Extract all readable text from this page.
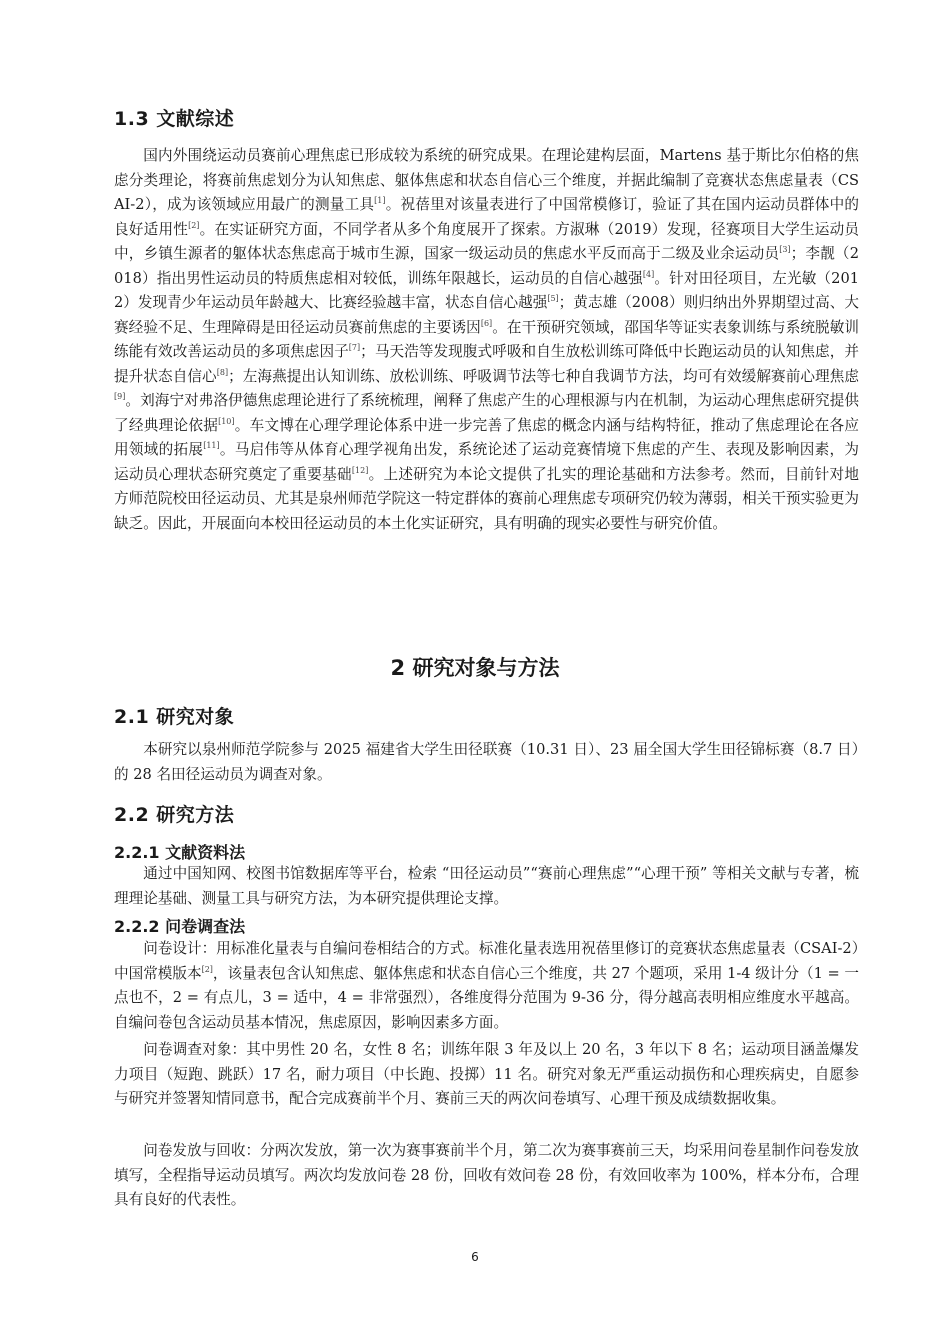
1.3 文献综述

国内外围绕运动员赛前心理焦虑已形成较为系统的研究成果。在理论建构层面，Martens 基于斯比尔伯格的焦虑分类理论，将赛前焦虑划分为认知焦虑、躯体焦虑和状态自信心三个维度，并据此编制了竞赛状态焦虑量表（CSAI-2），成为该领域应用最广的测量工具[1]。祝蓓里对该量表进行了中国常模修订，验证了其在国内运动员群体中的良好适用性[2]。在实证研究方面，不同学者从多个角度展开了探索。方淑琳（2019）发现，径赛项目大学生运动员中，乡镇生源者的躯体状态焦虑高于城市生源，国家一级运动员的焦虑水平反而高于二级及业余运动员[3]；李靓（2018）指出男性运动员的特质焦虑相对较低，训练年限越长，运动员的自信心越强[4]。针对田径项目，左光敏（2012）发现青少年运动员年龄越大、比赛经验越丰富，状态自信心越强[5]；黄志雄（2008）则归纳出外界期望过高、大赛经验不足、生理障碍是田径运动员赛前焦虑的主要诱因[6]。在干预研究领域，邵国华等证实表象训练与系统脱敏训练能有效改善运动员的多项焦虑因子[7]；马天浩等发现腹式呼吸和自生放松训练可降低中长跑运动员的认知焦虑，并提升状态自信心[8]；左海燕提出认知训练、放松训练、呼吸调节法等七种自我调节方法，均可有效缓解赛前心理焦虑[9]。刘海宁对弗洛伊德焦虑理论进行了系统梳理，阐释了焦虑产生的心理根源与内在机制，为运动心理焦虑研究提供了经典理论依据[10]。车文博在心理学理论体系中进一步完善了焦虑的概念内涵与结构特征，推动了焦虑理论在各应用领域的拓展[11]。马启伟等从体育心理学视角出发，系统论述了运动竞赛情境下焦虑的产生、表现及影响因素，为运动员心理状态研究奠定了重要基础[12]。上述研究为本论文提供了扎实的理论基础和方法参考。然而，目前针对地方师范院校田径运动员、尤其是泉州师范学院这一特定群体的赛前心理焦虑专项研究仍较为薄弱，相关干预实验更为缺乏。因此，开展面向本校田径运动员的本土化实证研究，具有明确的现实必要性与研究价值。

2 研究对象与方法
2.1 研究对象

本研究以泉州师范学院参与 2025 福建省大学生田径联赛（10.31 日）、23 届全国大学生田径锦标赛（8.7 日）的 28 名田径运动员为调查对象。

2.2 研究方法
2.2.1 文献资料法

通过中国知网、校图书馆数据库等平台，检索 “田径运动员”“赛前心理焦虑”“心理干预” 等相关文献与专著，梳理理论基础、测量工具与研究方法，为本研究提供理论支撑。

2.2.2 问卷调查法

问卷设计：用标准化量表与自编问卷相结合的方式。标准化量表选用祝蓓里修订的竞赛状态焦虑量表（CSAI-2）中国常模版本[2]，该量表包含认知焦虑、躯体焦虑和状态自信心三个维度，共 27 个题项，采用 1-4 级计分（1 = 一点也不，2 = 有点儿，3 = 适中，4 = 非常强烈），各维度得分范围为 9-36 分，得分越高表明相应维度水平越高。自编问卷包含运动员基本情况，焦虑原因，影响因素多方面。

问卷调查对象：其中男性 20 名，女性 8 名；训练年限 3 年及以上 20 名，3 年以下 8 名；运动项目涵盖爆发力项目（短跑、跳跃）17 名，耐力项目（中长跑、投掷）11 名。研究对象无严重运动损伤和心理疾病史，自愿参与研究并签署知情同意书，配合完成赛前半个月、赛前三天的两次问卷填写、心理干预及成绩数据收集。

问卷发放与回收：分两次发放，第一次为赛事赛前半个月，第二次为赛事赛前三天，均采用问卷星制作问卷发放填写，全程指导运动员填写。两次均发放问卷 28 份，回收有效问卷 28 份，有效回收率为 100%，样本分布，合理具有良好的代表性。

6
